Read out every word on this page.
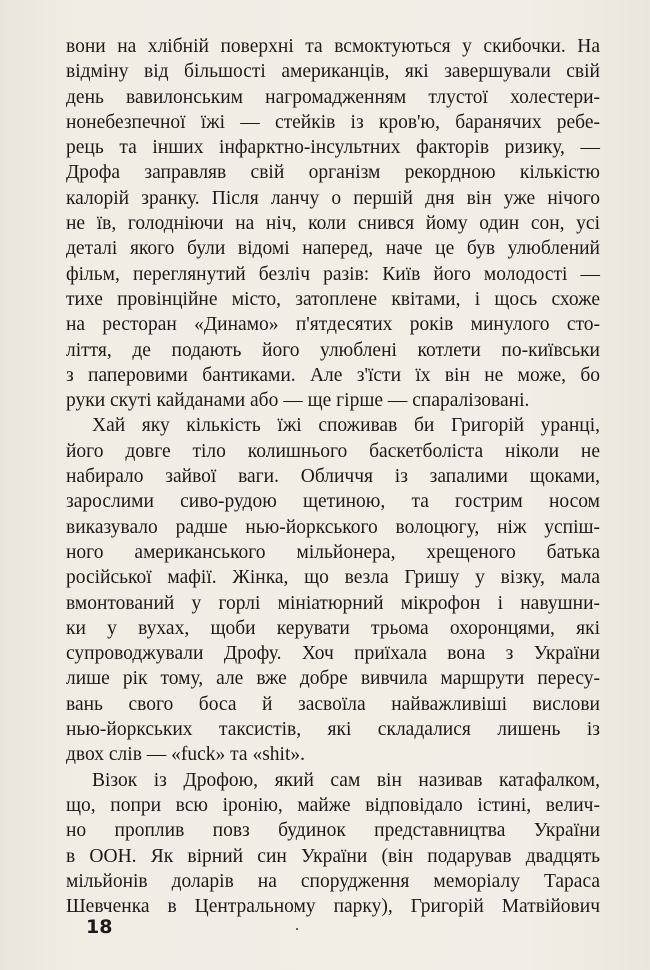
вони на хлібній поверхні та всмоктуються у скибочки. На
відміну від більшості американців, які завершували свій
день вавилонським нагромадженням тлустої холестери-
нонебезпечної їжі — стейків із кров'ю, баранячих ребе-
рець та інших інфарктно-інсультних факторів ризику, —
Дрофа заправляв свій організм рекордною кількістю
калорій зранку. Після ланчу о першій дня він уже нічого
не їв, голодніючи на ніч, коли снився йому один сон, усі
деталі якого були відомі наперед, наче це був улюблений
фільм, переглянутий безліч разів: Київ його молодості —
тихе провінційне місто, затоплене квітами, і щось схоже
на ресторан «Динамо» п'ятдесятих років минулого сто-
ліття, де подають його улюблені котлети по-київськи
з паперовими бантиками. Але з'їсти їх він не може, бо
руки скуті кайданами або — ще гірше — спаралізовані.
Хай яку кількість їжі споживав би Григорій уранці,
його довге тіло колишнього баскетболіста ніколи не
набирало зайвої ваги. Обличчя із запалими щоками,
зарослими сиво-рудою щетиною, та гострим носом
виказувало радше нью-йоркського волоцюгу, ніж успіш-
ного американського мільйонера, хрещеного батька
російської мафії. Жінка, що везла Гришу у візку, мала
вмонтований у горлі мініатюрний мікрофон і навушни-
ки у вухах, щоби керувати трьома охоронцями, які
супроводжували Дрофу. Хоч приїхала вона з України
лише рік тому, але вже добре вивчила маршрути пересу-
вань свого боса й засвоїла найважливіші вислови
нью-йоркських таксистів, які складалися лишень із
двох слів — «fuck» та «shit».
Візок із Дрофою, який сам він називав катафалком,
що, попри всю іронію, майже відповідало істині, велич-
но проплив повз будинок представництва України
в ООН. Як вірний син України (він подарував двадцять
мільйонів доларів на спорудження меморіалу Тараса
Шевченка в Центральному парку), Григорій Матвійович
18
